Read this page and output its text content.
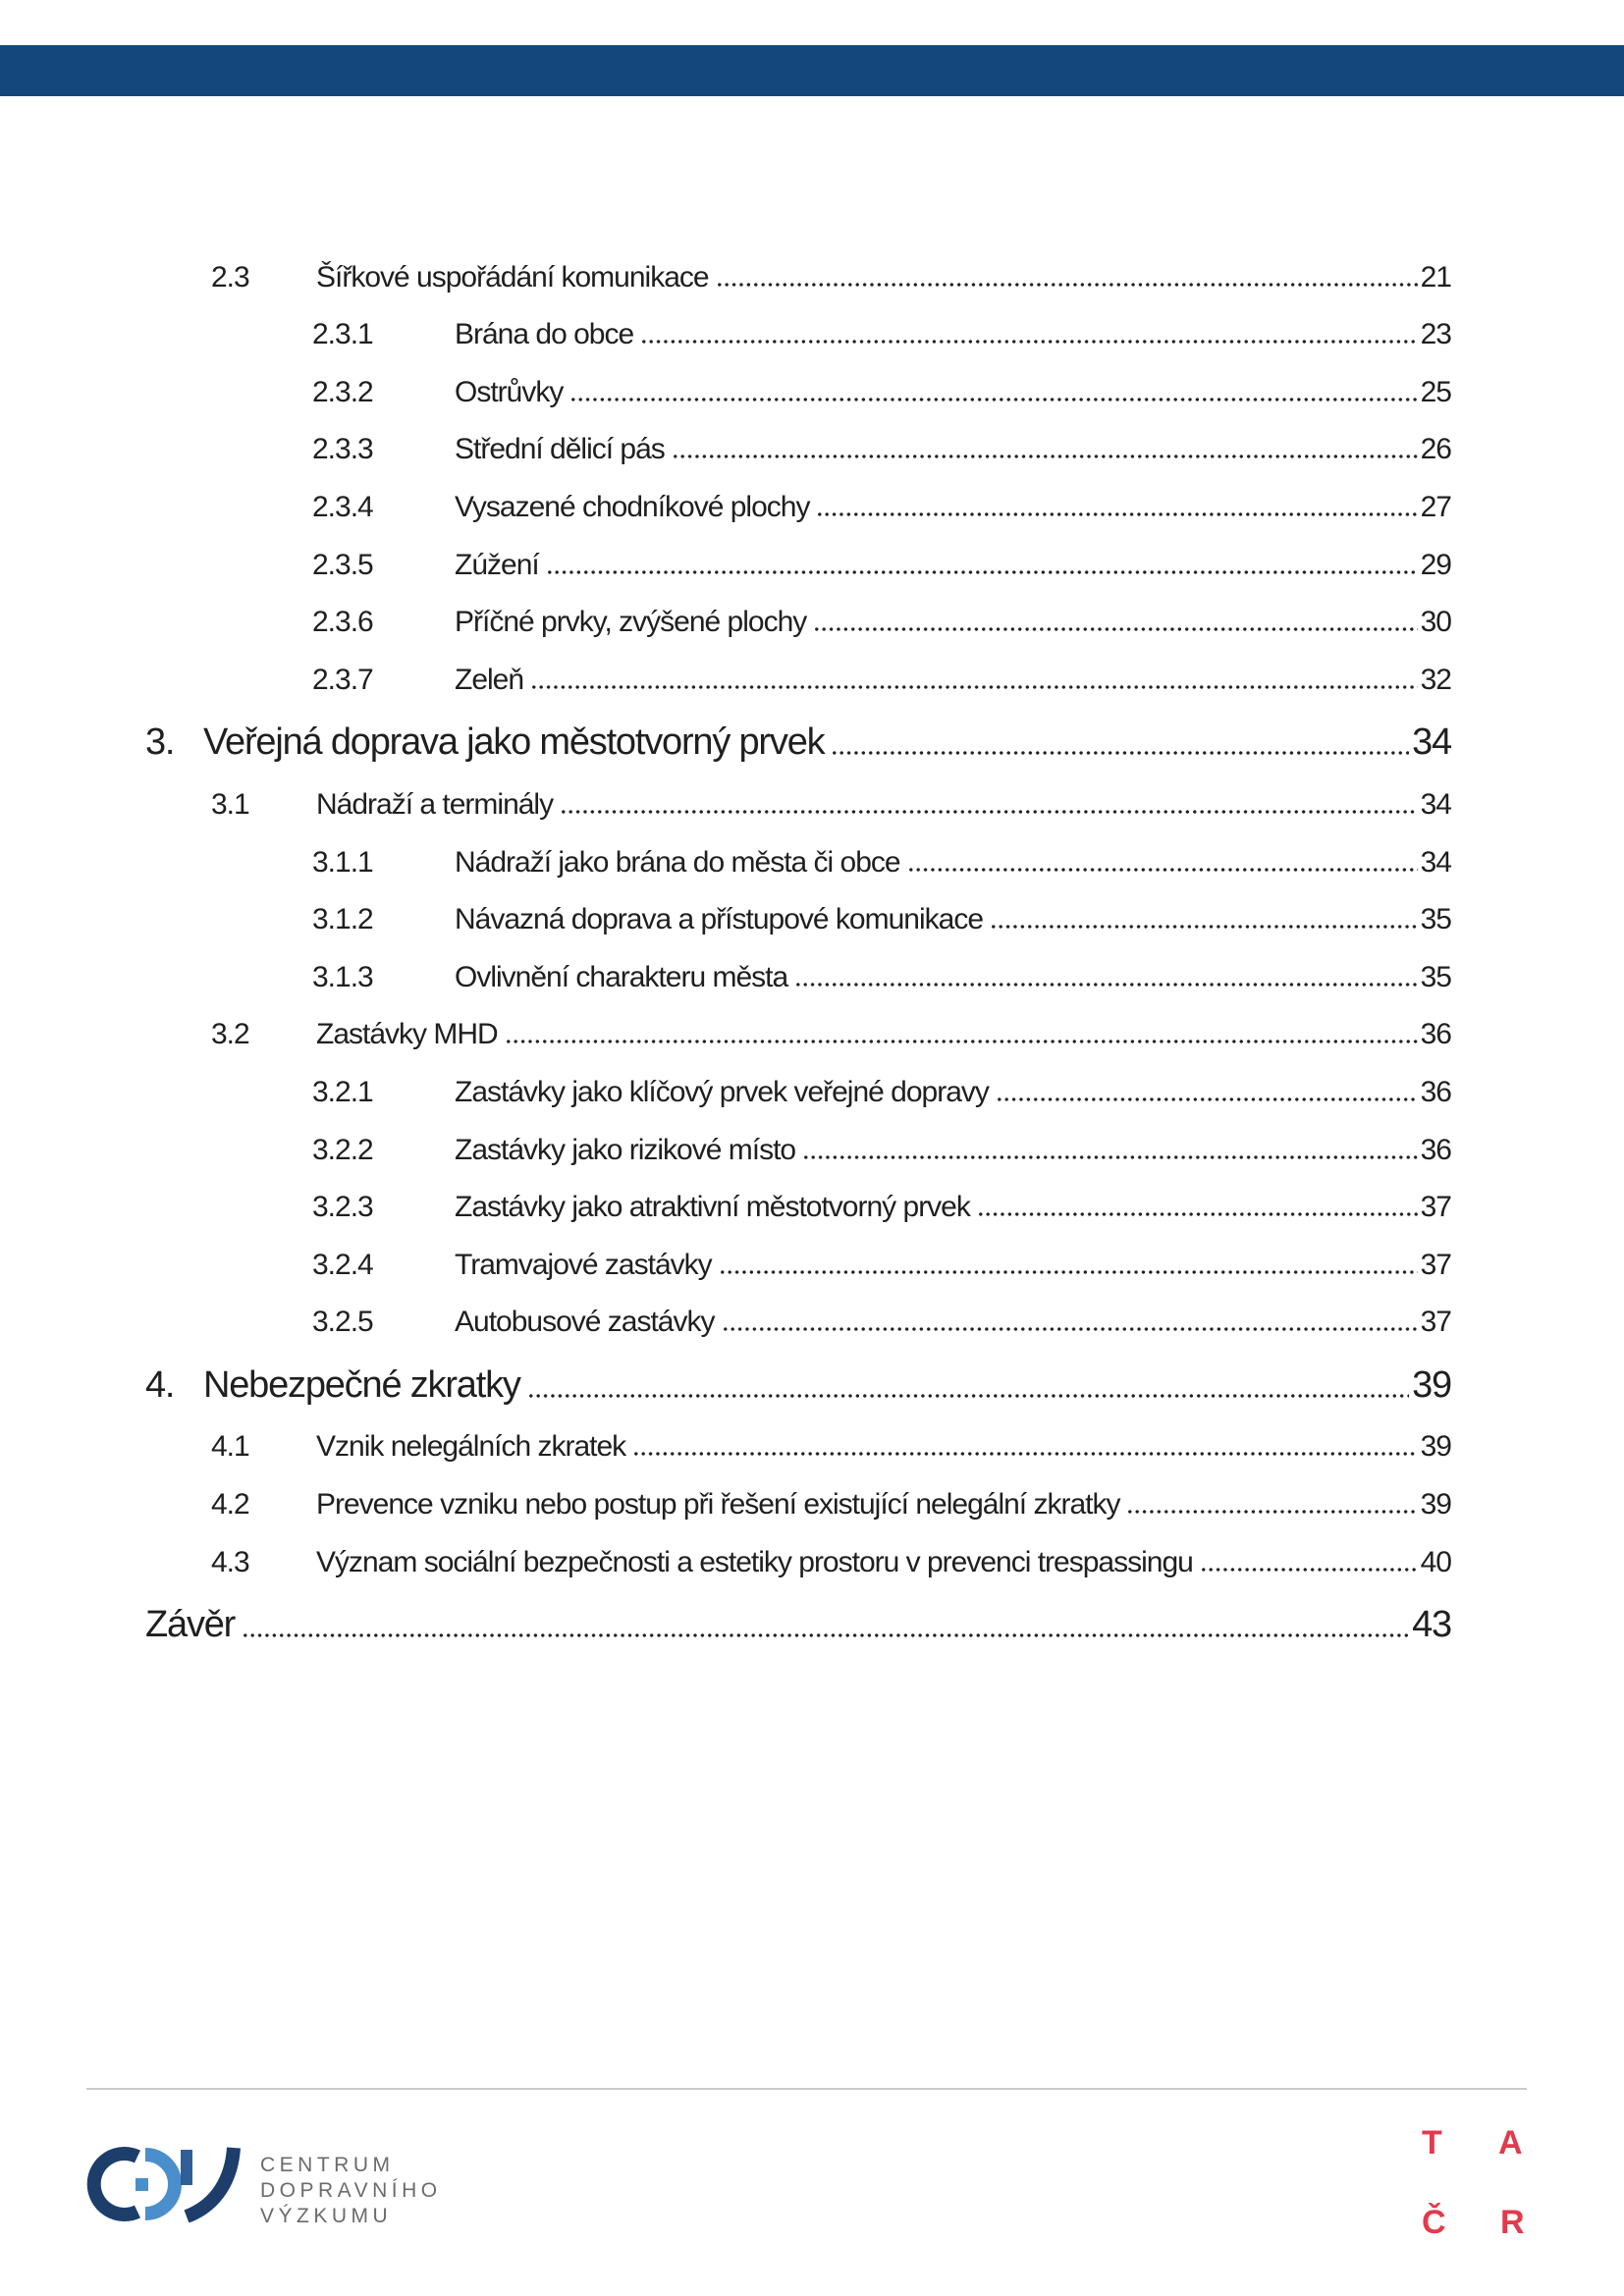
2.3	Šířkové uspořádání komunikace	21
2.3.1	Brána do obce	23
2.3.2	Ostrůvky	25
2.3.3	Střední dělicí pás	26
2.3.4	Vysazené chodníkové plochy	27
2.3.5	Zúžení	29
2.3.6	Příčné prvky, zvýšené plochy	30
2.3.7	Zeleň	32
3. Veřejná doprava jako městotvorný prvek	34
3.1	Nádraží a terminály	34
3.1.1	Nádraží jako brána do města či obce	34
3.1.2	Návazná doprava a přístupové komunikace	35
3.1.3	Ovlivnění charakteru města	35
3.2	Zastávky MHD	36
3.2.1	Zastávky jako klíčový prvek veřejné dopravy	36
3.2.2	Zastávky jako rizikové místo	36
3.2.3	Zastávky jako atraktivní městotvorný prvek	37
3.2.4	Tramvajové zastávky	37
3.2.5	Autobusové zastávky	37
4. Nebezpečné zkratky	39
4.1	Vznik nelegálních zkratek	39
4.2	Prevence vzniku nebo postup při řešení existující nelegální zkratky	39
4.3	Význam sociální bezpečnosti a estetiky prostoru v prevenci trespassingu	40
Závěr	43
CENTRUM
DOPRAVNÍHO
VÝZKUMU
T A
Č R
